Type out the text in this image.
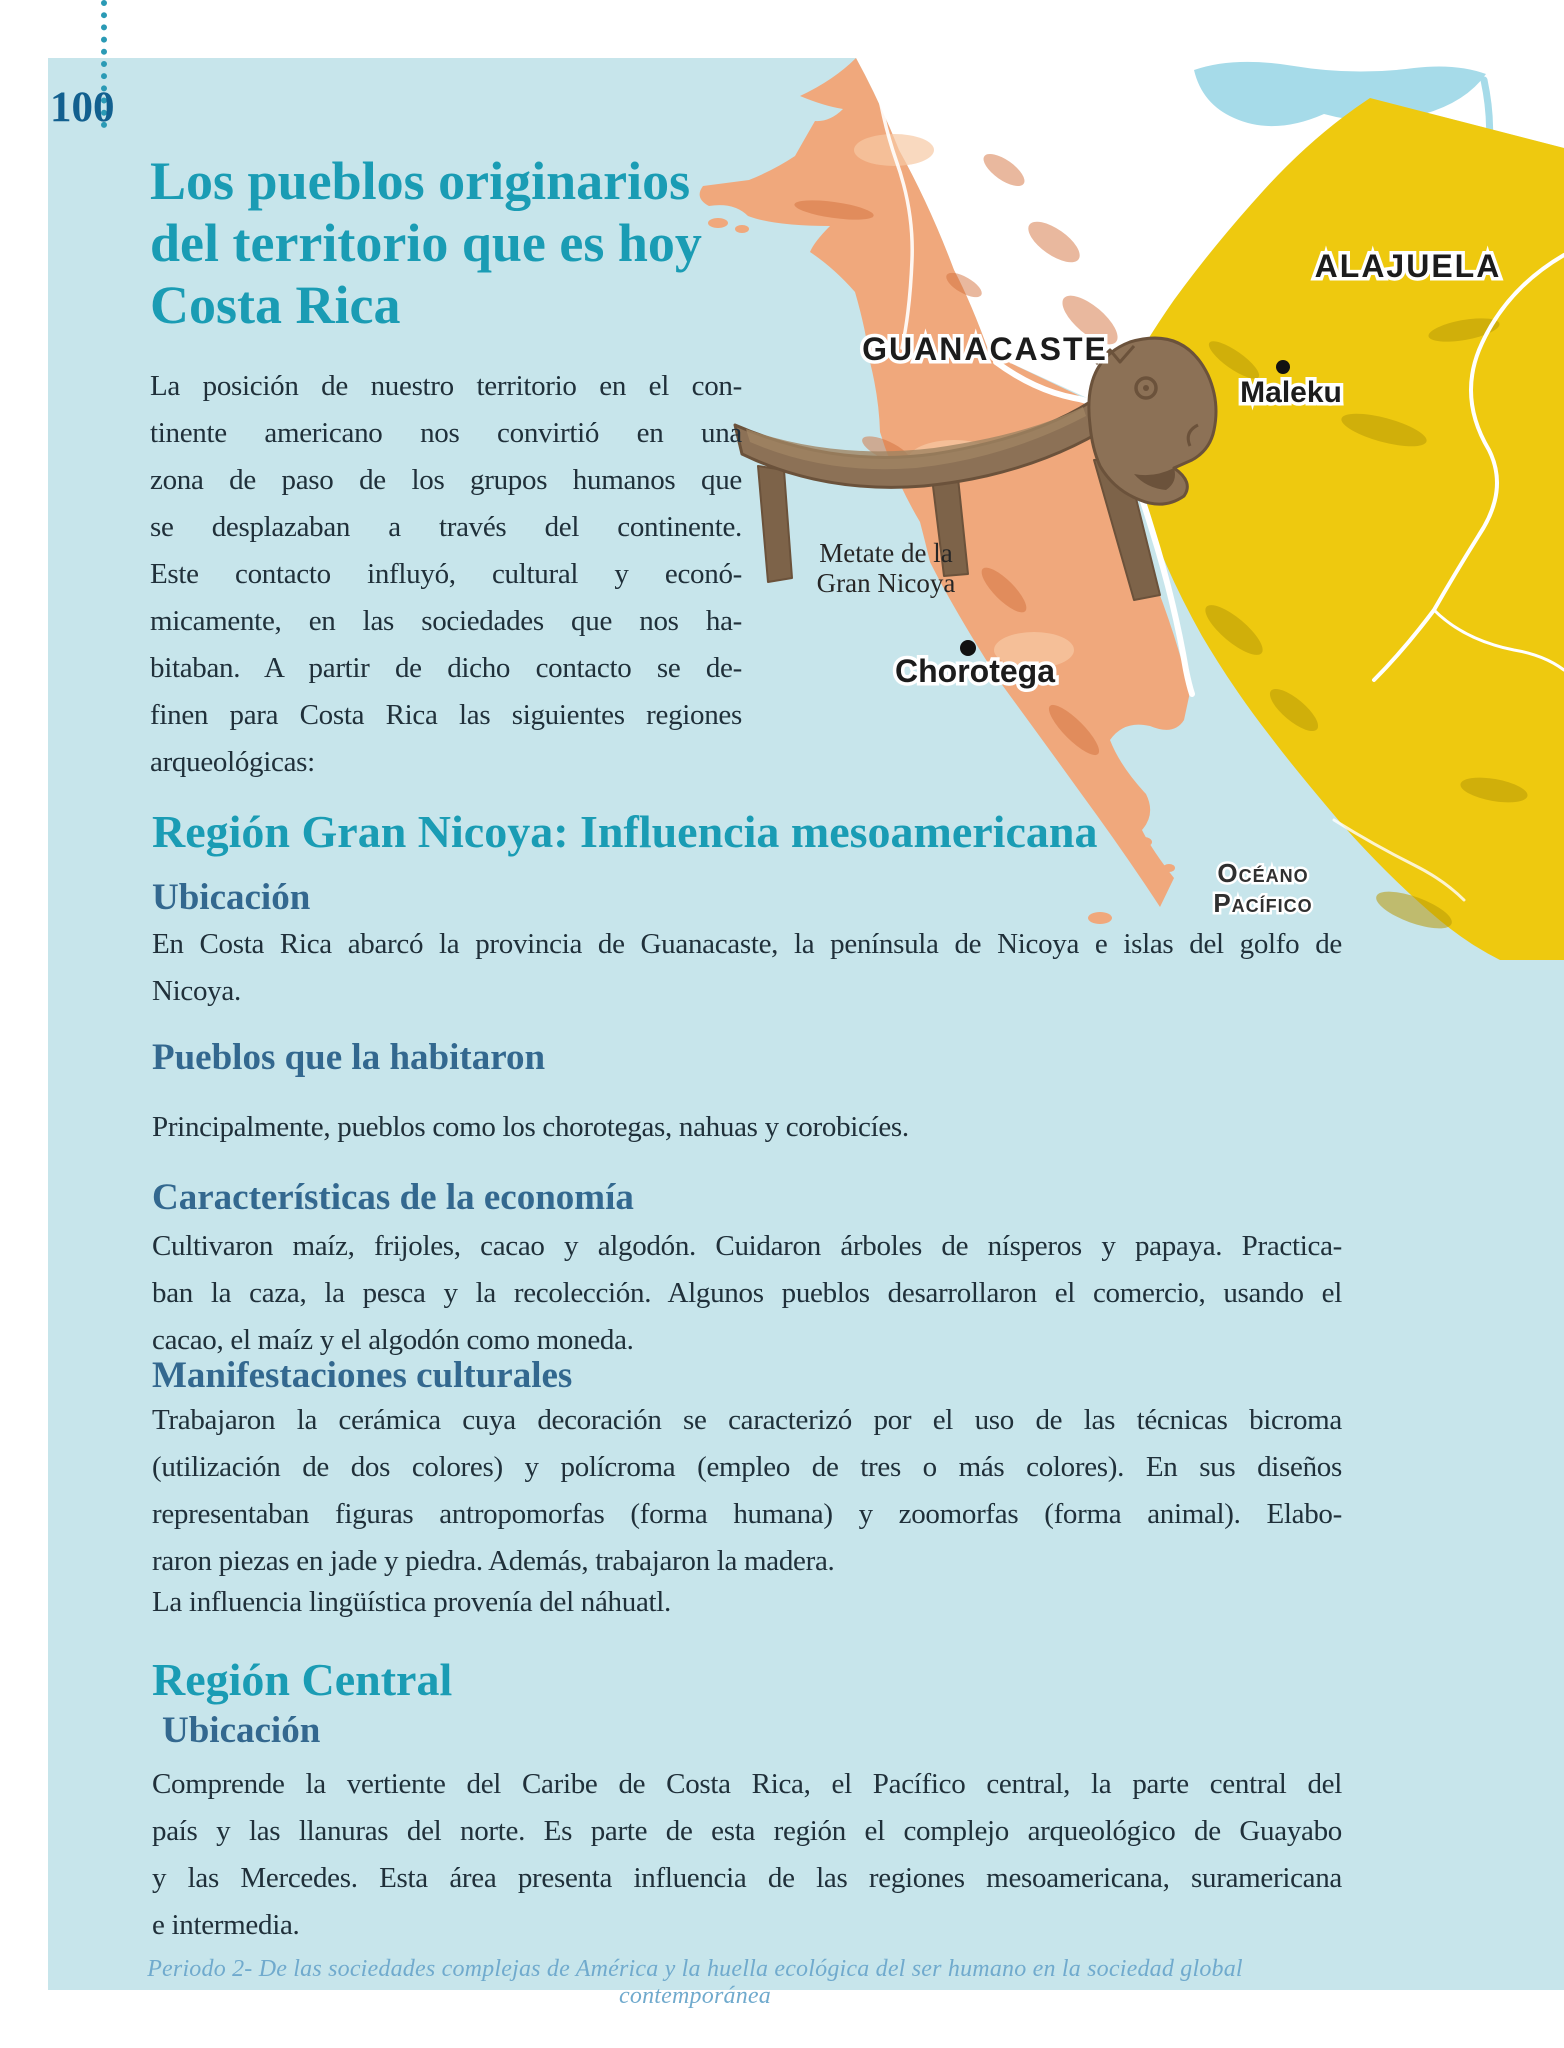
GUANACASTE
ALAJUELA
Maleku
Chorotega
Metate de la
Gran Nicoya
Océano
Pacífico
100
Los pueblos originarios
del territorio que es hoy
Costa Rica
La posición de nuestro territorio en el con-
tinente americano nos convirtió en una
zona de paso de los grupos humanos que
se desplazaban a través del continente.
Este contacto influyó, cultural y econó-
micamente, en las sociedades que nos ha-
bitaban. A partir de dicho contacto se de-
finen para Costa Rica las siguientes regiones
arqueológicas:
Región Gran Nicoya: Influencia mesoamericana
Ubicación
En Costa Rica abarcó la provincia de Guanacaste, la península de Nicoya e islas del golfo de
Nicoya.
Pueblos que la habitaron
Principalmente, pueblos como los chorotegas, nahuas y corobicíes.
Características de la economía
Cultivaron maíz, frijoles, cacao y algodón. Cuidaron árboles de nísperos y papaya. Practica-
ban la caza, la pesca y la recolección. Algunos pueblos desarrollaron el comercio, usando el
cacao, el maíz y el algodón como moneda.
Manifestaciones culturales
Trabajaron la cerámica cuya decoración se caracterizó por el uso de las técnicas bicroma
(utilización de dos colores) y polícroma (empleo de tres o más colores). En sus diseños
representaban figuras antropomorfas (forma humana) y zoomorfas (forma animal). Elabo-
raron piezas en jade y piedra. Además, trabajaron la madera.
La influencia lingüística provenía del náhuatl.
Región Central
Ubicación
Comprende la vertiente del Caribe de Costa Rica, el Pacífico central, la parte central del
país y las llanuras del norte. Es parte de esta región el complejo arqueológico de Guayabo
y las Mercedes. Esta área presenta influencia de las regiones mesoamericana, suramericana
e intermedia.
Periodo 2- De las sociedades complejas de América y la huella ecológica del ser humano en la sociedad global contemporánea
